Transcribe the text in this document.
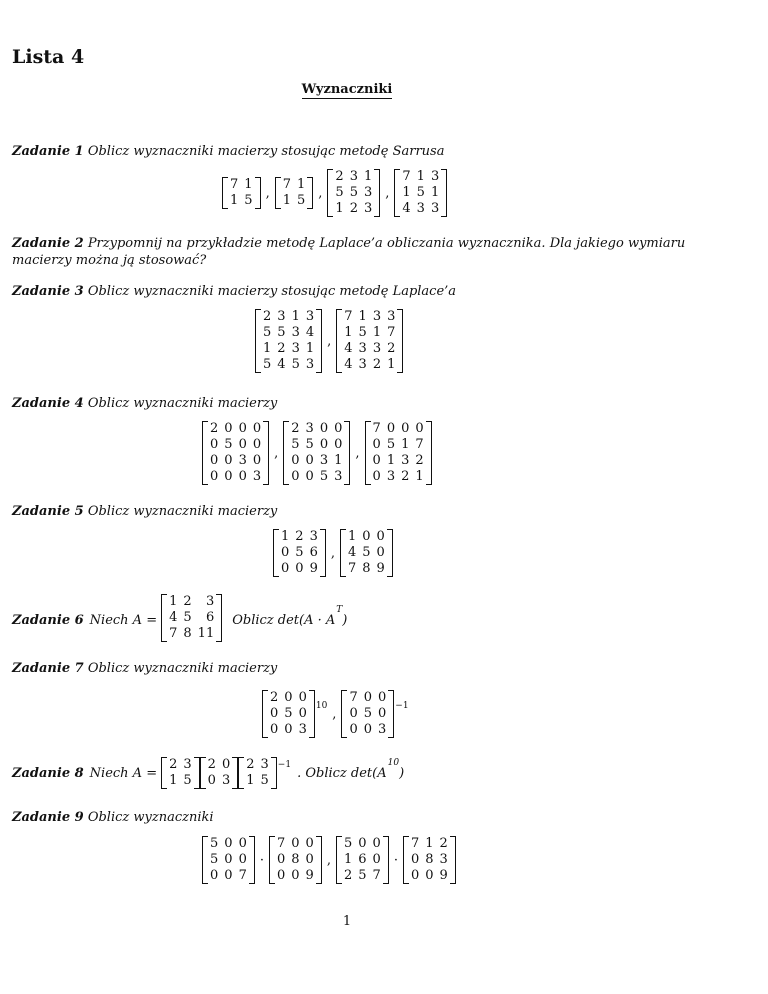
Lista 4
Wyznaczniki
Zadanie 1 Oblicz wyznaczniki macierzy stosując metodę Sarrusa
7	1
1	5 ,
7	1
1	5 ,
2	3	1
5	5	3
1	2	3
,
7	1	3
1	5	1
4	3	3
Zadanie 2 Przypomnij na przykładzie metodę Laplace’a obliczania wyznacznika. Dla jakiego wymiaru macierzy można ją stosować?
Zadanie 3 Oblicz wyznaczniki macierzy stosując metodę Laplace’a
2	3	1	3
5	5	3	4
1	2	3	1
5	4	5	3
,
7	1	3	3
1	5	1	7
4	3	3	2
4	3	2	1
Zadanie 4 Oblicz wyznaczniki macierzy
2	0	0	0
0	5	0	0
0	0	3	0
0	0	0	3
,
2	3	0	0
5	5	0	0
0	0	3	1
0	0	5	3
,
7	0	0	0
0	5	1	7
0	1	3	2
0	3	2	1
Zadanie 5 Oblicz wyznaczniki macierzy
1	2	3
0	5	6
0	0	9
,
1	0	0
4	5	0
7	8	9
Zadanie 6 Niech A =
1	2	3
4	5	6
7	8	11
Oblicz $\det(A \cdot A^T)$
Zadanie 7 Oblicz wyznaczniki macierzy
2	0	0
0	5	0
0	0	3
10
,
7	0	0
0	5	0
0	0	3
−1
Zadanie 8 Niech A =
2	3
1	5
2	0
0	3
2	3
1	5
−1
. Oblicz $\det(A^{10})$
Zadanie 9 Oblicz wyznaczniki
5	0	0
5	0	0
0	0	7
·
7	0	0
0	8	0
0	0	9
,
5	0	0
1	6	0
2	5	7
·
7	1	2
0	8	3
0	0	9
1
